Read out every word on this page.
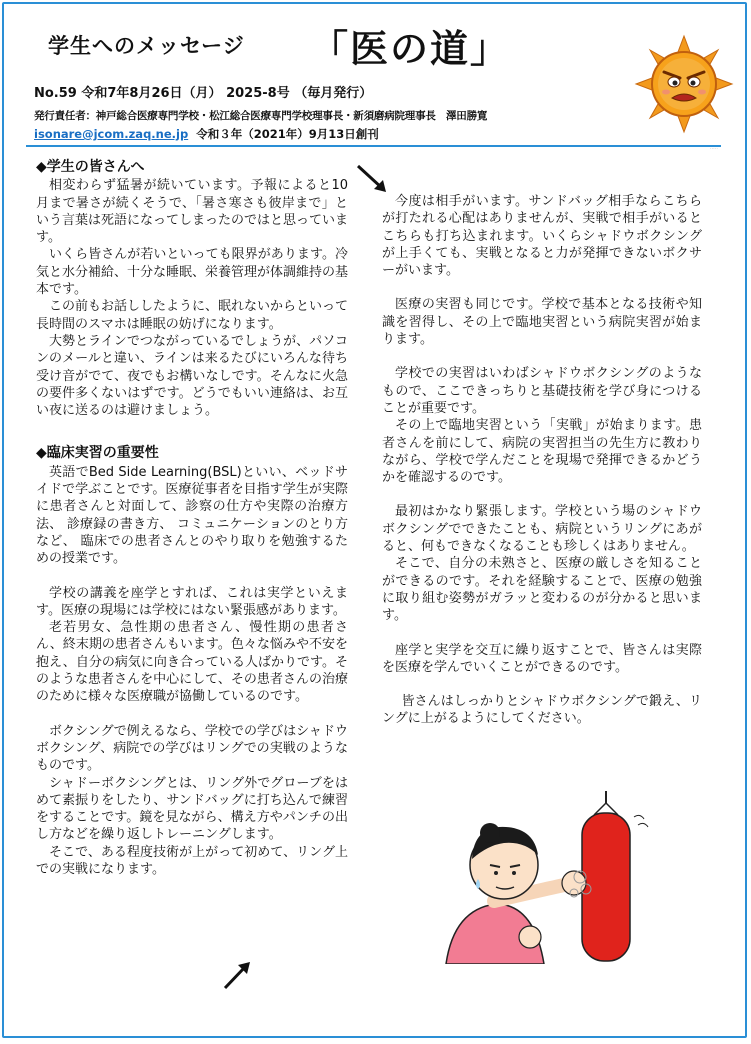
学生へのメッセージ 「医の道」
No.59 令和7年8月26日（月） 2025-8号 （毎月発行）
発行責任者：神戸総合医療専門学校・松江総合医療専門学校理事長・新須磨病院理事長　澤田勝寛
isonare@jcom.zaq.ne.jp 令和３年（2021年）9月13日創刊
·····

◆学生の皆さんへ

相変わらず猛暑が続いています。予報によると10月まで暑さが続くそうで、「暑さ寒さも彼岸まで」という言葉は死語になってしまったのではと思っています。

いくら皆さんが若いといっても限界があります。冷気と水分補給、十分な睡眠、栄養管理が体調維持の基本です。

この前もお話ししたように、眠れないからといって長時間のスマホは睡眠の妨げになります。

大勢とラインでつながっているでしょうが、パソコンのメールと違い、ラインは来るたびにいろんな待ち受け音がでて、夜でもお構いなしです。そんなに火急の要件多くないはずです。どうでもいい連絡は、お互い夜に送るのは避けましょう。

◆臨床実習の重要性

英語でBed Side Learning(BSL)といい、ベッドサイドで学ぶことです。医療従事者を目指す学生が実際に患者さんと対面して、診察の仕方や実際の治療方法、 診療録の書き方、 コミュニケーションのとり方など、 臨床での患者さんとのやり取りを勉強するための授業です。

学校の講義を座学とすれば、これは実学といえます。医療の現場には学校にはない緊張感があります。

老若男女、急性期の患者さん、慢性期の患者さん、終末期の患者さんもいます。色々な悩みや不安を抱え、自分の病気に向き合っている人ばかりです。そのような患者さんを中心にして、その患者さんの治療のために様々な医療職が協働しているのです。

ボクシングで例えるなら、学校での学びはシャドウボクシング、病院での学びはリングでの実戦のようなものです。

シャドーボクシングとは、リング外でグローブをはめて素振りをしたり、サンドバッグに打ち込んで練習をすることです。鏡を見ながら、構え方やパンチの出し方などを繰り返しトレーニングします。

そこで、ある程度技術が上がって初めて、リング上での実戦になります。

今度は相手がいます。サンドバッグ相手ならこちらが打たれる心配はありませんが、実戦で相手がいるとこちらも打ち込まれます。いくらシャドウボクシングが上手くても、実戦となると力が発揮できないボクサーがいます。

医療の実習も同じです。学校で基本となる技術や知識を習得し、その上で臨地実習という病院実習が始まります。

学校での実習はいわばシャドウボクシングのようなもので、ここできっちりと基礎技術を学び身につけることが重要です。

その上で臨地実習という「実戦」が始まります。患者さんを前にして、病院の実習担当の先生方に教わりながら、学校で学んだことを現場で発揮できるかどうかを確認するのです。

最初はかなり緊張します。学校という場のシャドウボクシングでできたことも、病院というリングにあがると、何もできなくなることも珍しくはありません。

そこで、自分の未熟さと、医療の厳しさを知ることができるのです。それを経験することで、医療の勉強に取り組む姿勢がガラッと変わるのが分かると思います。

座学と実学を交互に繰り返すことで、皆さんは実際を医療を学んでいくことができるのです。

皆さんはしっかりとシャドウボクシングで鍛え、リングに上がるようにしてください。
